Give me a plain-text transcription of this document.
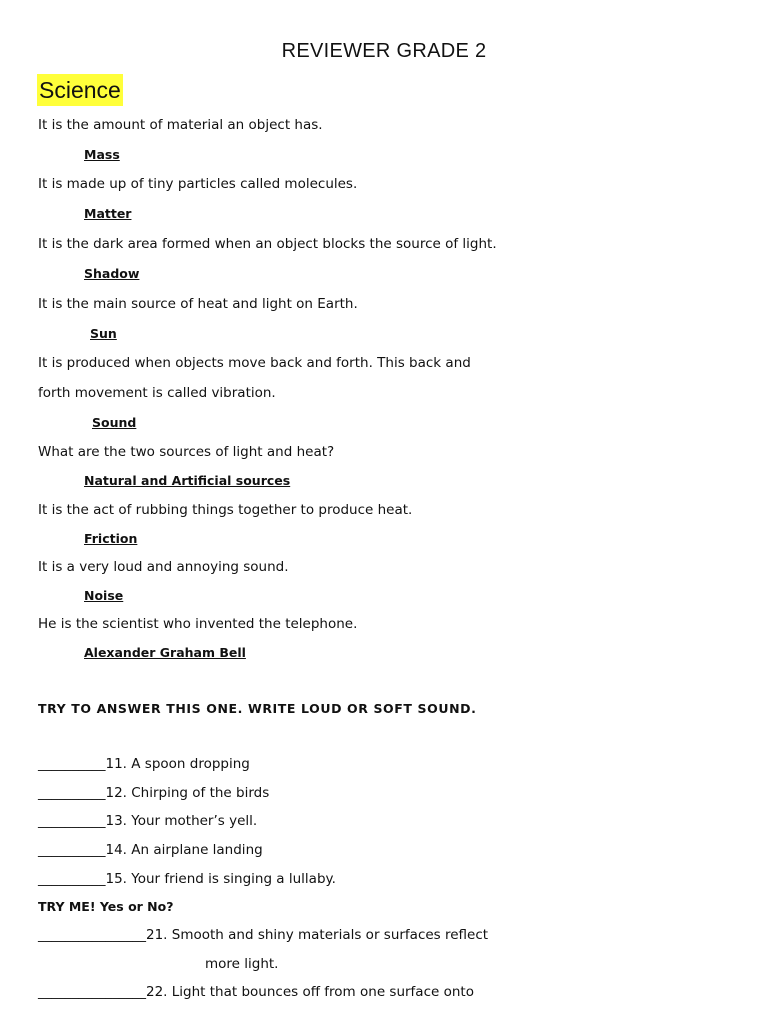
REVIEWER GRADE 2
Science
It is the amount of material an object has.
Mass
It is made up of tiny particles called molecules.
Matter
It is the dark area formed when an object blocks the source of light.
Shadow
It is the main source of heat and light on Earth.
Sun
It is produced when objects move back and forth. This back and
forth movement is called vibration.
Sound
What are the two sources of light and heat?
Natural and Artificial sources
It is the act of rubbing things together to produce heat.
Friction
It is a very loud and annoying sound.
Noise
He is the scientist who invented the telephone.
Alexander Graham Bell
TRY TO ANSWER THIS ONE. WRITE LOUD OR SOFT SOUND.
__________11. A spoon dropping
__________12. Chirping of the birds
__________13. Your mother’s yell.
__________14. An airplane landing
__________15. Your friend is singing a lullaby.
TRY ME! Yes or No?
________________21. Smooth and shiny materials or surfaces reflect
more light.
________________22. Light that bounces off from one surface onto
